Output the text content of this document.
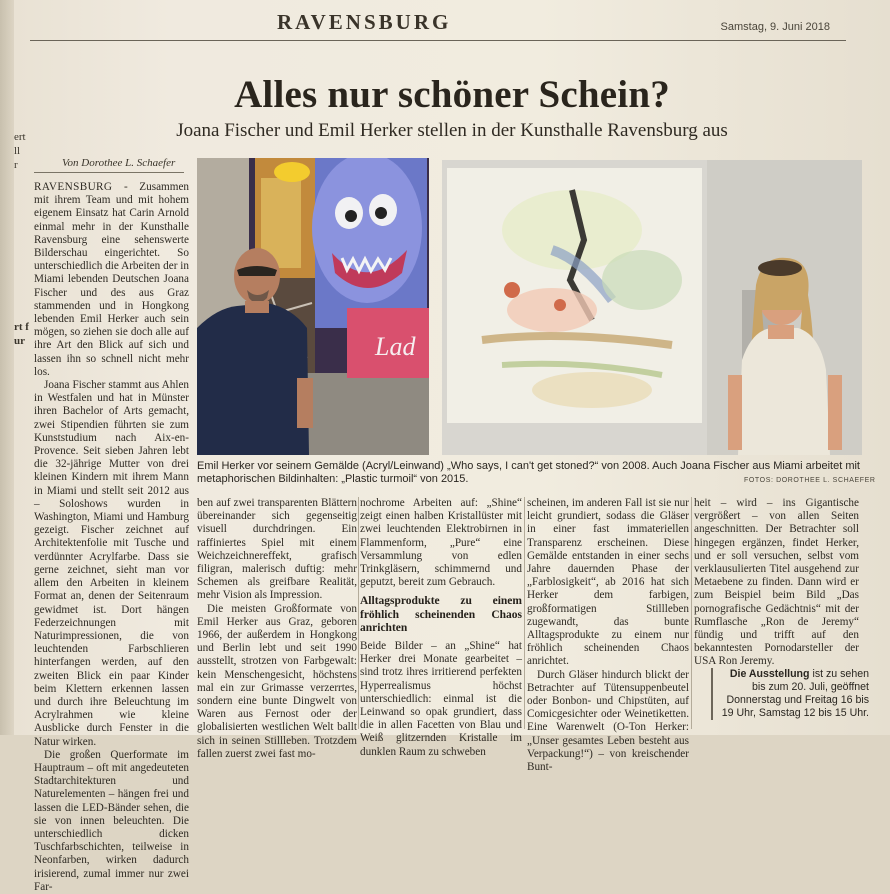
ert
ll
r
rt f
ur
RAVENSBURG	Samstag, 9. Juni 2018
Alles nur schöner Schein?
Joana Fischer und Emil Herker stellen in der Kunsthalle Ravensburg aus
Von Dorothee L. Schaefer

RAVENSBURG - Zusammen mit ihrem Team und mit hohem eigenem Einsatz hat Carin Arnold einmal mehr in der Kunsthalle Ravensburg eine sehenswerte Bilderschau eingerichtet. So unterschiedlich die Arbeiten der in Miami lebenden Deutschen Joana Fischer und des aus Graz stammenden und in Hongkong lebenden Emil Herker auch sein mögen, so ziehen sie doch alle auf ihre Art den Blick auf sich und lassen ihn so schnell nicht mehr los.

Joana Fischer stammt aus Ahlen in Westfalen und hat in Münster ihren Bachelor of Arts gemacht, zwei Stipendien führten sie zum Kunststudium nach Aix-en-Provence. Seit sieben Jahren lebt die 32-jährige Mutter von drei kleinen Kindern mit ihrem Mann in Miami und stellt seit 2012 aus – Soloshows wurden in Washington, Miami und Hamburg gezeigt. Fischer zeichnet auf Architektenfolie mit Tusche und verdünnter Acrylfarbe. Dass sie gerne zeichnet, sieht man vor allem den Arbeiten in kleinem Format an, denen der Seitenraum gewidmet ist. Dort hängen Federzeichnungen mit Naturimpressionen, die von leuchtenden Farbschlieren hinterfangen werden, auf den zweiten Blick ein paar Kinder beim Klettern erkennen lassen und durch ihre Beleuchtung im Acrylrahmen wie kleine Ausblicke durch Fenster in die Natur wirken.

Die großen Querformate im Hauptraum – oft mit angedeuteten Stadtarchitekturen und Naturelementen – hängen frei und lassen die LED-Bänder sehen, die sie von innen beleuchten. Die unterschiedlich dicken Tuschfarbschichten, teilweise in Neonfarben, wirken dadurch irisierend, zumal immer nur zwei Far-

Lad
Emil Herker vor seinem Gemälde (Acryl/Leinwand) „Who says, I can't get stoned?“ von 2008. Auch Joana Fischer aus Miami arbeitet mit metaphorischen Bildinhalten: „Plastic turmoil“ von 2015.	FOTOS: DOROTHEE L. SCHAEFER

ben auf zwei transparenten Blättern übereinander sich gegenseitig visuell durchdringen. Ein raffiniertes Spiel mit einem Weichzeichnereffekt, grafisch filigran, malerisch duftig: mehr Schemen als greifbare Realität, mehr Vision als Impression.

Die meisten Großformate von Emil Herker aus Graz, geboren 1966, der außerdem in Hongkong und Berlin lebt und seit 1990 ausstellt, strotzen von Farbgewalt: kein Menschengesicht, höchstens mal ein zur Grimasse verzerrtes, sondern eine bunte Dingwelt von Waren aus Fernost oder der globalisierten westlichen Welt ballt sich in seinen Stillleben. Trotzdem fallen zuerst zwei fast mo-

nochrome Arbeiten auf: „Shine“ zeigt einen halben Kristallüster mit zwei leuchtenden Elektrobirnen in Flammenform, „Pure“ eine Versammlung von edlen Trinkgläsern, schimmernd und geputzt, bereit zum Gebrauch.

Alltagsprodukte zu einem fröhlich scheinenden Chaos anrichten

Beide Bilder – an „Shine“ hat Herker drei Monate gearbeitet – sind trotz ihres irritierend perfekten Hyperrealismus höchst unterschiedlich: einmal ist die Leinwand so opak grundiert, dass die in allen Facetten von Blau und Weiß glitzernden Kristalle im dunklen Raum zu schweben

scheinen, im anderen Fall ist sie nur leicht grundiert, sodass die Gläser in einer fast immateriellen Transparenz erscheinen. Diese Gemälde entstanden in einer sechs Jahre dauernden Phase der „Farblosigkeit“, ab 2016 hat sich Herker dem farbigen, großformatigen Stillleben zugewandt, das bunte Alltagsprodukte zu einem nur fröhlich scheinenden Chaos anrichtet.

Durch Gläser hindurch blickt der Betrachter auf Tütensuppenbeutel oder Bonbon- und Chipstüten, auf Comicgesichter oder Weinetiketten. Eine Warenwelt (O-Ton Herker: „Unser gesamtes Leben besteht aus Verpackung!“) – von kreischender Bunt-

heit – wird – ins Gigantische vergrößert – von allen Seiten angeschnitten. Der Betrachter soll hingegen ergänzen, findet Herker, und er soll versuchen, selbst vom verklausulierten Titel ausgehend zur Metaebene zu finden. Dann wird er zum Beispiel beim Bild „Das pornografische Gedächtnis“ mit der Rumflasche „Ron de Jeremy“ fündig und trifft auf den bekanntesten Pornodarsteller der USA Ron Jeremy.

Die Ausstellung ist zu sehen bis zum 20. Juli, geöffnet Donnerstag und Freitag 16 bis 19 Uhr, Samstag 12 bis 15 Uhr.
